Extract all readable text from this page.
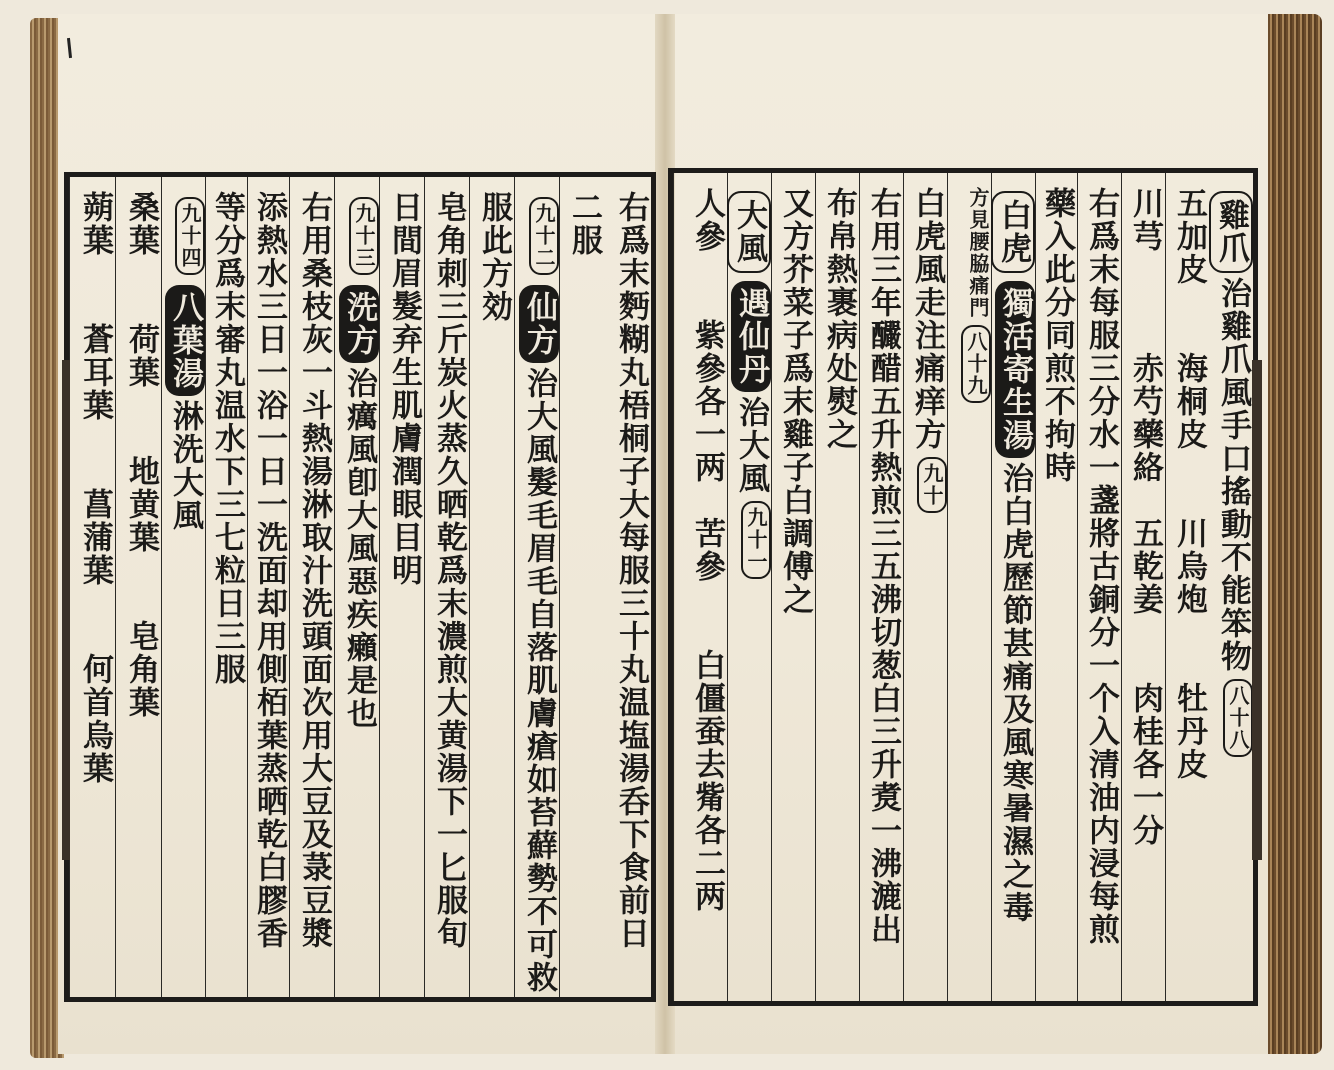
右爲末麪糊丸梧桐子大每服三十丸温塩湯呑下食前日
二服
九十二
仙方
治大風髮毛眉毛自落肌膚瘡如苔蘚勢不可救
服此方効
皂角刺三斤炭火蒸久晒乾爲末濃煎大黄湯下一匕服旬
日間眉髮弃生肌膚潤眼目明
九十三
洗方
治癘風卽大風惡疾癩是也
右用桑枝灰一斗熱湯淋取汁洗頭面次用大豆及菉豆漿
添熱水三日一浴一日一洗面却用側栢葉蒸晒乾白膠香
等分爲末審丸温水下三七粒日三服
九十四
八葉湯
淋洗大風
桑葉　　荷葉　　地黄葉　　皂角葉
蒴葉　　蒼耳葉　　菖蒲葉　　何首烏葉	雞爪
治雞爪風手口搖動不能笨物
八十八
五加皮　　海桐皮　　川烏炮　　牡丹皮
川芎　　　赤芍藥絡　五乾姜　　肉桂各一分
右爲末每服三分水一盞將古銅分一个入清油内浸每煎
藥入此分同煎不拘時
白虎
獨活寄生湯
治白虎歷節甚痛及風寒暑濕之毒
方見腰脇痛門
八十九
白虎風走注痛痒方
九十
右用三年釅醋五升熱煎三五沸切葱白三升煑一沸漉出
布帛熱裹病处熨之
又方芥菜子爲末雞子白調傅之
大風
遇仙丹
治大風
九十一
人參　　紫參各一两　苦參　　白僵蚕去觜各二两
